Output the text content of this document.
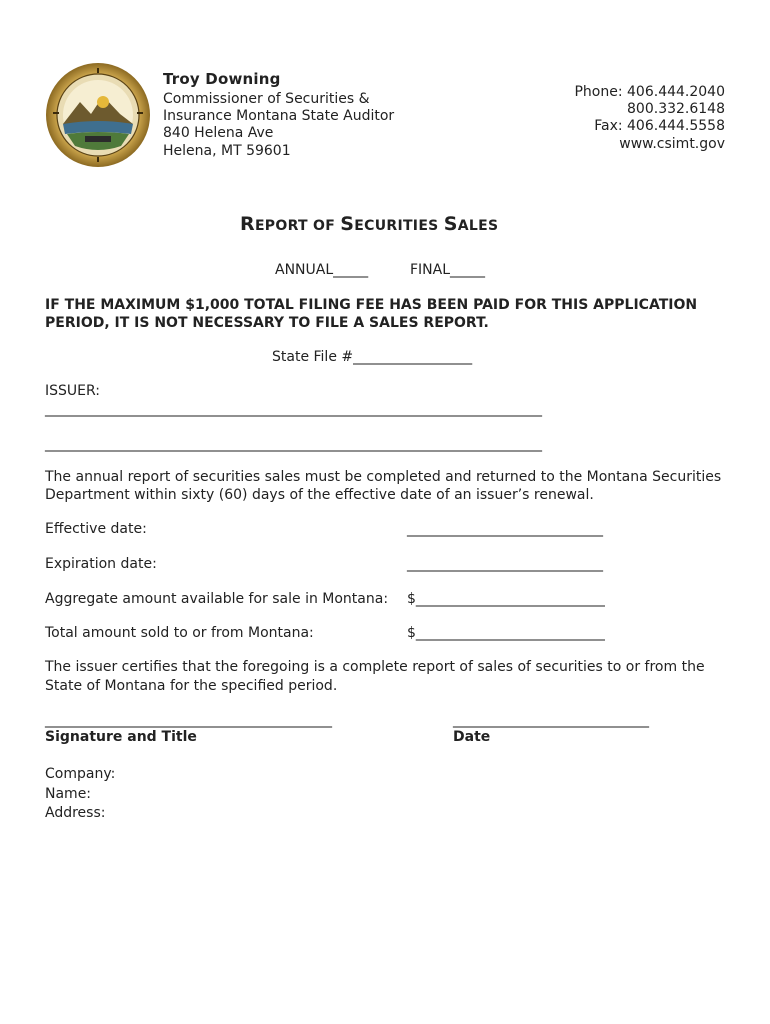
Troy Downing
Commissioner of Securities &
Insurance Montana State Auditor
840 Helena Ave
Helena, MT 59601
Phone: 406.444.2040
800.332.6148
Fax: 406.444.5558
www.csimt.gov
REPORT OF SECURITIES SALES
ANNUAL_____	FINAL_____
IF THE MAXIMUM $1,000 TOTAL FILING FEE HAS BEEN PAID FOR THIS APPLICATION
PERIOD, IT IS NOT NECESSARY TO FILE A SALES REPORT.
State File #_________________
ISSUER:
_______________________________________________________________________
_______________________________________________________________________
The annual report of securities sales must be completed and returned to the Montana Securities
Department within sixty (60) days of the effective date of an issuer’s renewal.
Effective date:	____________________________
Expiration date:	____________________________
Aggregate amount available for sale in Montana: $___________________________
Total amount sold to or from Montana:	$___________________________
The issuer certifies that the foregoing is a complete report of sales of securities to or from the
State of Montana for the specified period.
_________________________________________	____________________________
Signature and Title	Date
Company:
Name:
Address:
